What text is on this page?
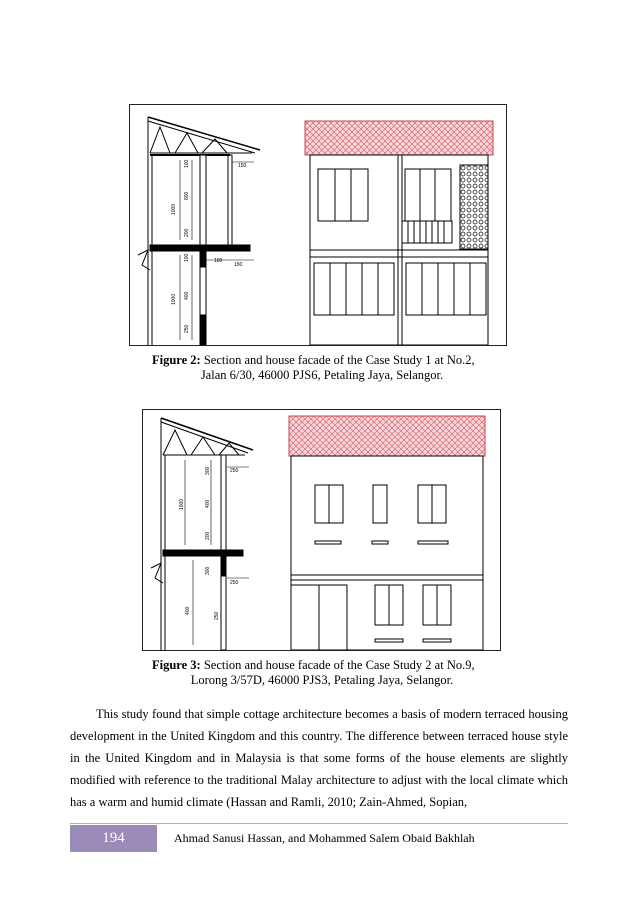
1000
1000
100
800
200
100
400
250
150
150
100
Figure 2: Section and house facade of the Case Study 1 at No.2,
Jalan 6/30, 46000 PJS6, Petaling Jaya, Selangor.
1000
300
400
200
300
400
250
250
250
Figure 3: Section and house facade of the Case Study 2 at No.9,
Lorong 3/57D, 46000 PJS3, Petaling Jaya, Selangor.

This study found that simple cottage architecture becomes a basis of modern terraced housing development in the United Kingdom and this country. The difference between terraced house style in the United Kingdom and in Malaysia is that some forms of the house elements are slightly modified with reference to the traditional Malay architecture to adjust with the local climate which has a warm and humid climate (Hassan and Ramli, 2010; Zain-Ahmed, Sopian,

194	Ahmad Sanusi Hassan, and Mohammed Salem Obaid Bakhlah
